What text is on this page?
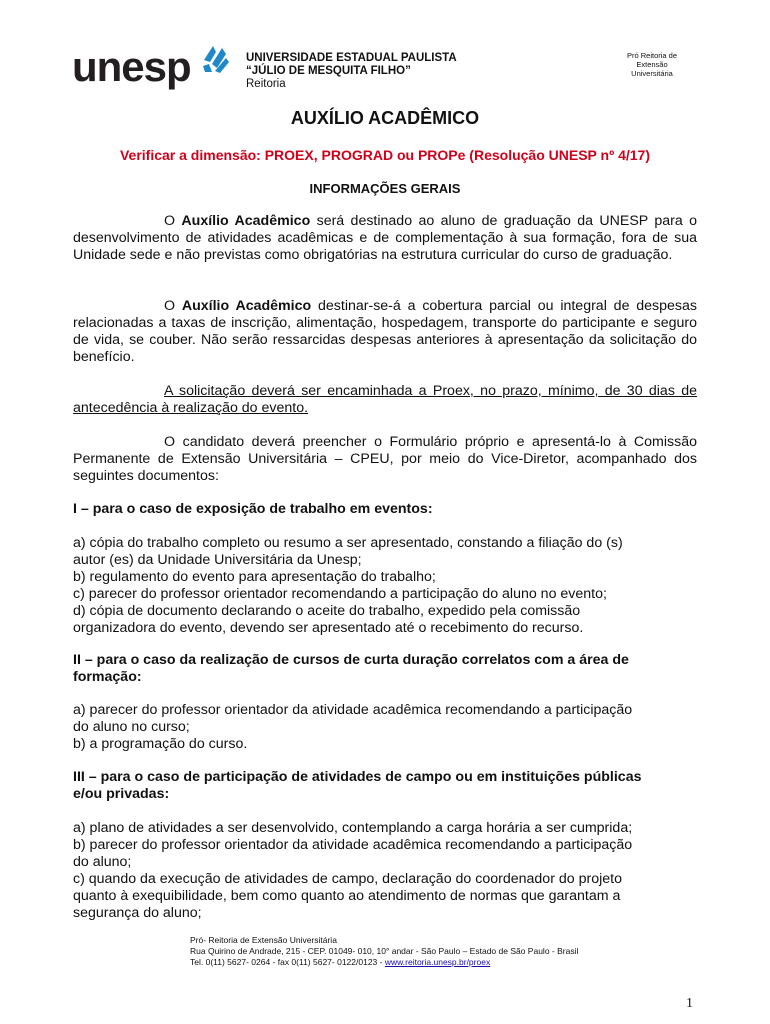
unesp	UNIVERSIDADE ESTADUAL PAULISTA
“JÚLIO DE MESQUITA FILHO”
Reitoria
Pró Reitoria de
Extensão
Universitária
AUXÍLIO ACADÊMICO
Verificar a dimensão: PROEX, PROGRAD ou PROPe (Resolução UNESP nº 4/17)
INFORMAÇÕES GERAIS
O Auxílio Acadêmico será destinado ao aluno de graduação da UNESP para o desenvolvimento de atividades acadêmicas e de complementação à sua formação, fora de sua Unidade sede e não previstas como obrigatórias na estrutura curricular do curso de graduação.
O Auxílio Acadêmico destinar-se-á a cobertura parcial ou integral de despesas relacionadas a taxas de inscrição, alimentação, hospedagem, transporte do participante e seguro de vida, se couber. Não serão ressarcidas despesas anteriores à apresentação da solicitação do benefício.
A solicitação deverá ser encaminhada a Proex, no prazo, mínimo, de 30 dias de antecedência à realização do evento.
O candidato deverá preencher o Formulário próprio e apresentá-lo à Comissão Permanente de Extensão Universitária – CPEU, por meio do Vice-Diretor, acompanhado dos seguintes documentos:
I – para o caso de exposição de trabalho em eventos:
a) cópia do trabalho completo ou resumo a ser apresentado, constando a filiação do (s)
autor (es) da Unidade Universitária da Unesp;
b) regulamento do evento para apresentação do trabalho;
c) parecer do professor orientador recomendando a participação do aluno no evento;
d) cópia de documento declarando o aceite do trabalho, expedido pela comissão
organizadora do evento, devendo ser apresentado até o recebimento do recurso.
II – para o caso da realização de cursos de curta duração correlatos com a área de
formação:
a) parecer do professor orientador da atividade acadêmica recomendando a participação
do aluno no curso;
b) a programação do curso.
III – para o caso de participação de atividades de campo ou em instituições públicas
e/ou privadas:
a) plano de atividades a ser desenvolvido, contemplando a carga horária a ser cumprida;
b) parecer do professor orientador da atividade acadêmica recomendando a participação
do aluno;
c) quando da execução de atividades de campo, declaração do coordenador do projeto
quanto à exequibilidade, bem como quanto ao atendimento de normas que garantam a
segurança do aluno;
Pró- Reitoria de Extensão Universitária
Rua Quirino de Andrade, 215 - CEP. 01049- 010, 10° andar - São Paulo – Estado de São Paulo - Brasil
Tel. 0(11) 5627- 0264 - fax 0(11) 5627- 0122/0123 - www.reitoria.unesp.br/proex
1
